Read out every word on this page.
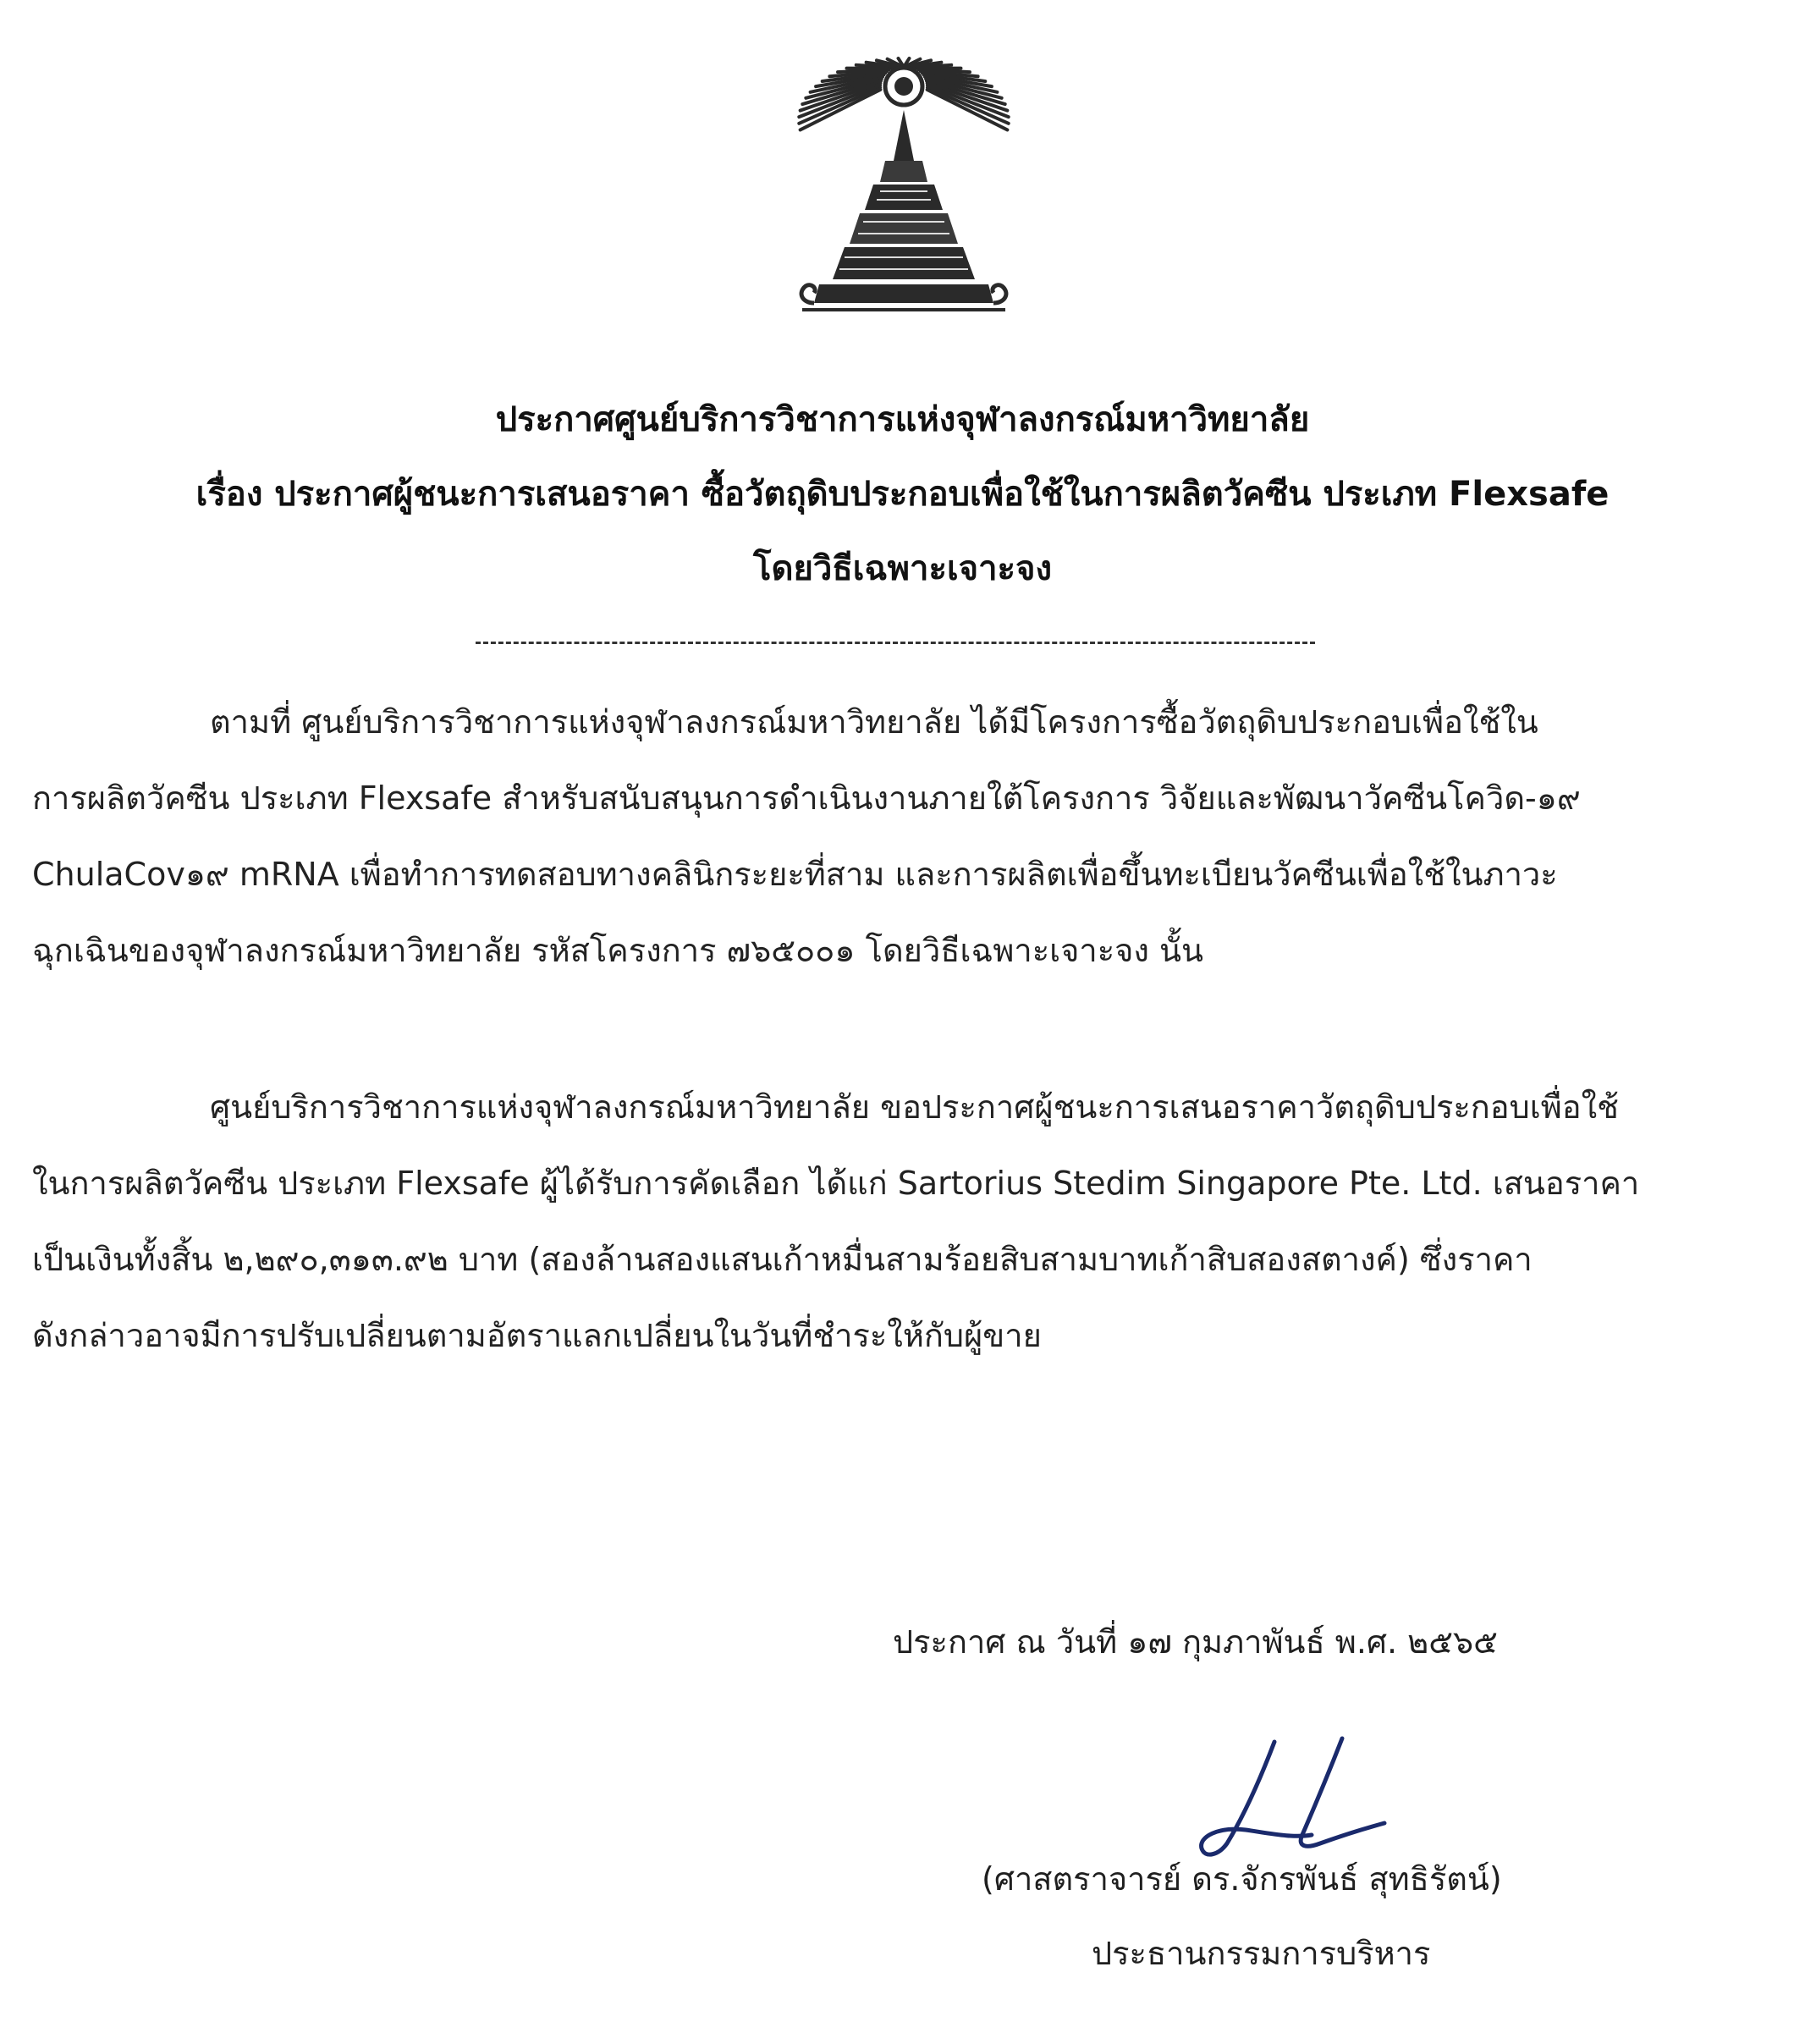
ประกาศศูนย์บริการวิชาการแห่งจุฬาลงกรณ์มหาวิทยาลัย
เรื่อง ประกาศผู้ชนะการเสนอราคา ซื้อวัตถุดิบประกอบเพื่อใช้ในการผลิตวัคซีน ประเภท Flexsafe
โดยวิธีเฉพาะเจาะจง

ตามที่ ศูนย์บริการวิชาการแห่งจุฬาลงกรณ์มหาวิทยาลัย ได้มีโครงการซื้อวัตถุดิบประกอบเพื่อใช้ใน

การผลิตวัคซีน ประเภท Flexsafe สำหรับสนับสนุนการดำเนินงานภายใต้โครงการ วิจัยและพัฒนาวัคซีนโควิด-๑๙

ChulaCov๑๙ mRNA เพื่อทำการทดสอบทางคลินิกระยะที่สาม และการผลิตเพื่อขึ้นทะเบียนวัคซีนเพื่อใช้ในภาวะ

ฉุกเฉินของจุฬาลงกรณ์มหาวิทยาลัย รหัสโครงการ ๗๖๕๐๐๑ โดยวิธีเฉพาะเจาะจง นั้น

ศูนย์บริการวิชาการแห่งจุฬาลงกรณ์มหาวิทยาลัย ขอประกาศผู้ชนะการเสนอราคาวัตถุดิบประกอบเพื่อใช้

ในการผลิตวัคซีน ประเภท Flexsafe ผู้ได้รับการคัดเลือก ได้แก่ Sartorius Stedim Singapore Pte. Ltd. เสนอราคา

เป็นเงินทั้งสิ้น ๒,๒๙๐,๓๑๓.๙๒ บาท (สองล้านสองแสนเก้าหมื่นสามร้อยสิบสามบาทเก้าสิบสองสตางค์) ซึ่งราคา

ดังกล่าวอาจมีการปรับเปลี่ยนตามอัตราแลกเปลี่ยนในวันที่ชำระให้กับผู้ขาย

ประกาศ ณ วันที่ ๑๗ กุมภาพันธ์ พ.ศ. ๒๕๖๕
(ศาสตราจารย์ ดร.จักรพันธ์ สุทธิรัตน์)
ประธานกรรมการบริหาร
